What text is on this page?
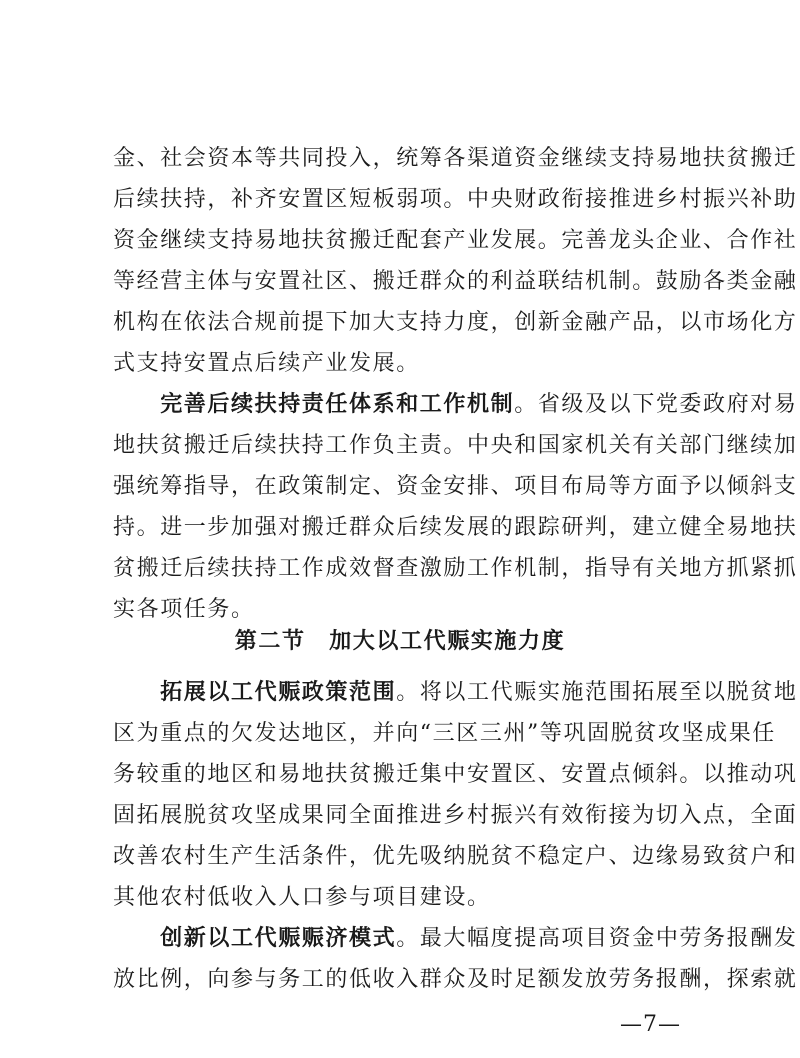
金、社会资本等共同投入，统筹各渠道资金继续支持易地扶贫搬迁
后续扶持，补齐安置区短板弱项。中央财政衔接推进乡村振兴补助
资金继续支持易地扶贫搬迁配套产业发展。完善龙头企业、合作社
等经营主体与安置社区、搬迁群众的利益联结机制。鼓励各类金融
机构在依法合规前提下加大支持力度，创新金融产品，以市场化方
式支持安置点后续产业发展。
　　完善后续扶持责任体系和工作机制。省级及以下党委政府对易
地扶贫搬迁后续扶持工作负主责。中央和国家机关有关部门继续加
强统筹指导，在政策制定、资金安排、项目布局等方面予以倾斜支
持。进一步加强对搬迁群众后续发展的跟踪研判，建立健全易地扶
贫搬迁后续扶持工作成效督查激励工作机制，指导有关地方抓紧抓
实各项任务。
第二节　加大以工代赈实施力度
　　拓展以工代赈政策范围。将以工代赈实施范围拓展至以脱贫地
区为重点的欠发达地区，并向“三区三州”等巩固脱贫攻坚成果任
务较重的地区和易地扶贫搬迁集中安置区、安置点倾斜。以推动巩
固拓展脱贫攻坚成果同全面推进乡村振兴有效衔接为切入点，全面
改善农村生产生活条件，优先吸纳脱贫不稳定户、边缘易致贫户和
其他农村低收入人口参与项目建设。
　　创新以工代赈赈济模式。最大幅度提高项目资金中劳务报酬发
放比例，向参与务工的低收入群众及时足额发放劳务报酬，探索就
—7—
